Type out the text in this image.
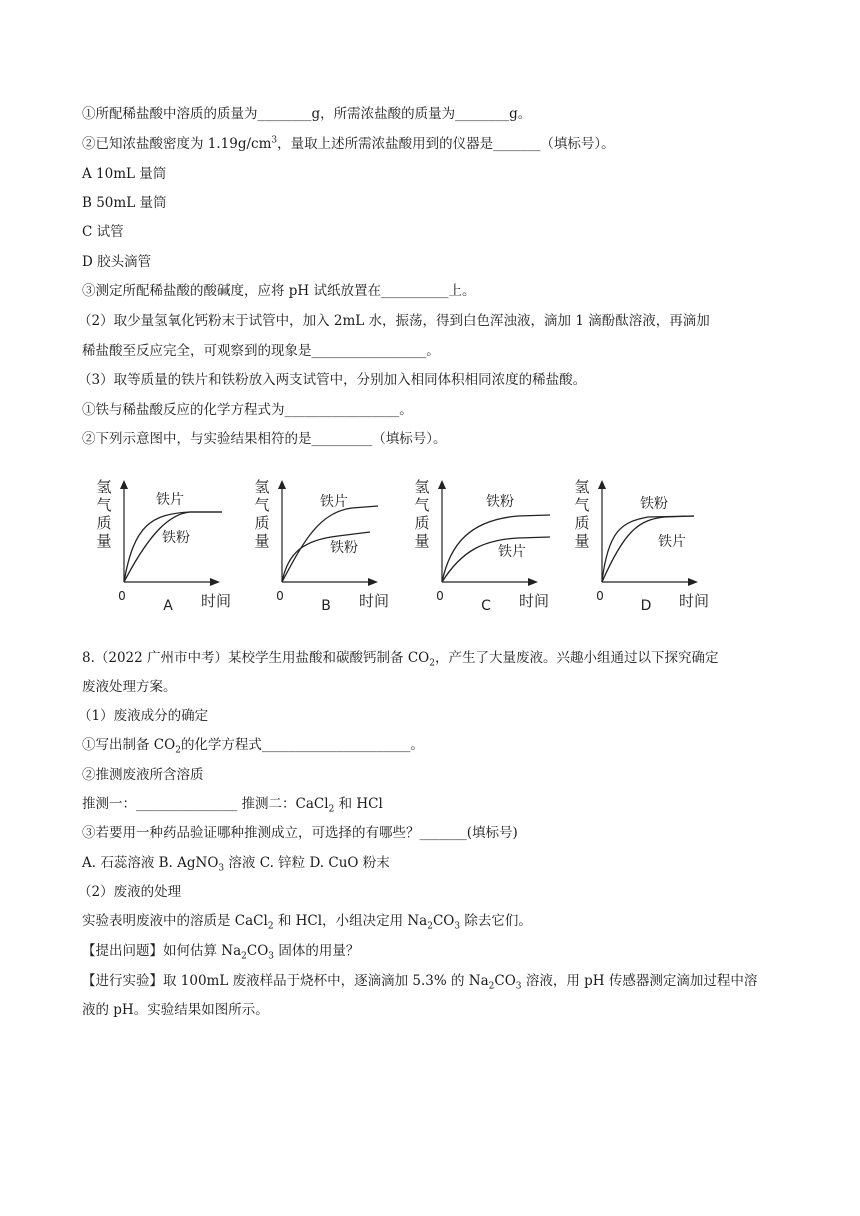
①所配稀盐酸中溶质的质量为________g，所需浓盐酸的质量为________g。
②已知浓盐酸密度为 $1.19g/cm^3$，量取上述所需浓盐酸用到的仪器是_______（填标号）。
A 10mL 量筒
B 50mL 量筒
C 试管
D 胶头滴管
③测定所配稀盐酸的酸碱度，应将 pH 试纸放置在__________上。
（2）取少量氢氧化钙粉末于试管中，加入 2mL 水，振荡，得到白色浑浊液，滴加 1 滴酚酞溶液，再滴加
稀盐酸至反应完全，可观察到的现象是_________________。
（3）取等质量的铁片和铁粉放入两支试管中，分别加入相同体积相同浓度的稀盐酸。
①铁与稀盐酸反应的化学方程式为_________________。
②下列示意图中，与实验结果相符的是_________（填标号）。
氢
气
质
量
0	时间
A
铁片
铁粉
氢
气
质
量
0	时间
B
铁片
铁粉
氢
气
质
量
0	时间
C
铁粉
铁片
氢
气
质
量
0	时间
D
铁粉
铁片
8.（2022 广州市中考）某校学生用盐酸和碳酸钙制备 $CO_2$，产生了大量废液。兴趣小组通过以下探究确定
废液处理方案。
（1）废液成分的确定
①写出制备 $CO_2$的化学方程式______________________。
②推测废液所含溶质
推测一：_______________ 推测二：CaCl$_2$ 和 HCl
③若要用一种药品验证哪种推测成立，可选择的有哪些？_______(填标号)
A. 石蕊溶液 B. AgNO$_3$ 溶液 C. 锌粒 D. CuO 粉末
（2）废液的处理
实验表明废液中的溶质是 CaCl$_2$ 和 HCl，小组决定用 $Na_2CO_3$ 除去它们。
【提出问题】如何估算 $Na_2CO_3$ 固体的用量？
【进行实验】取 100mL 废液样品于烧杯中，逐滴滴加 5.3% 的 $Na_2CO_3$ 溶液，用 pH 传感器测定滴加过程中溶
液的 pH。实验结果如图所示。
